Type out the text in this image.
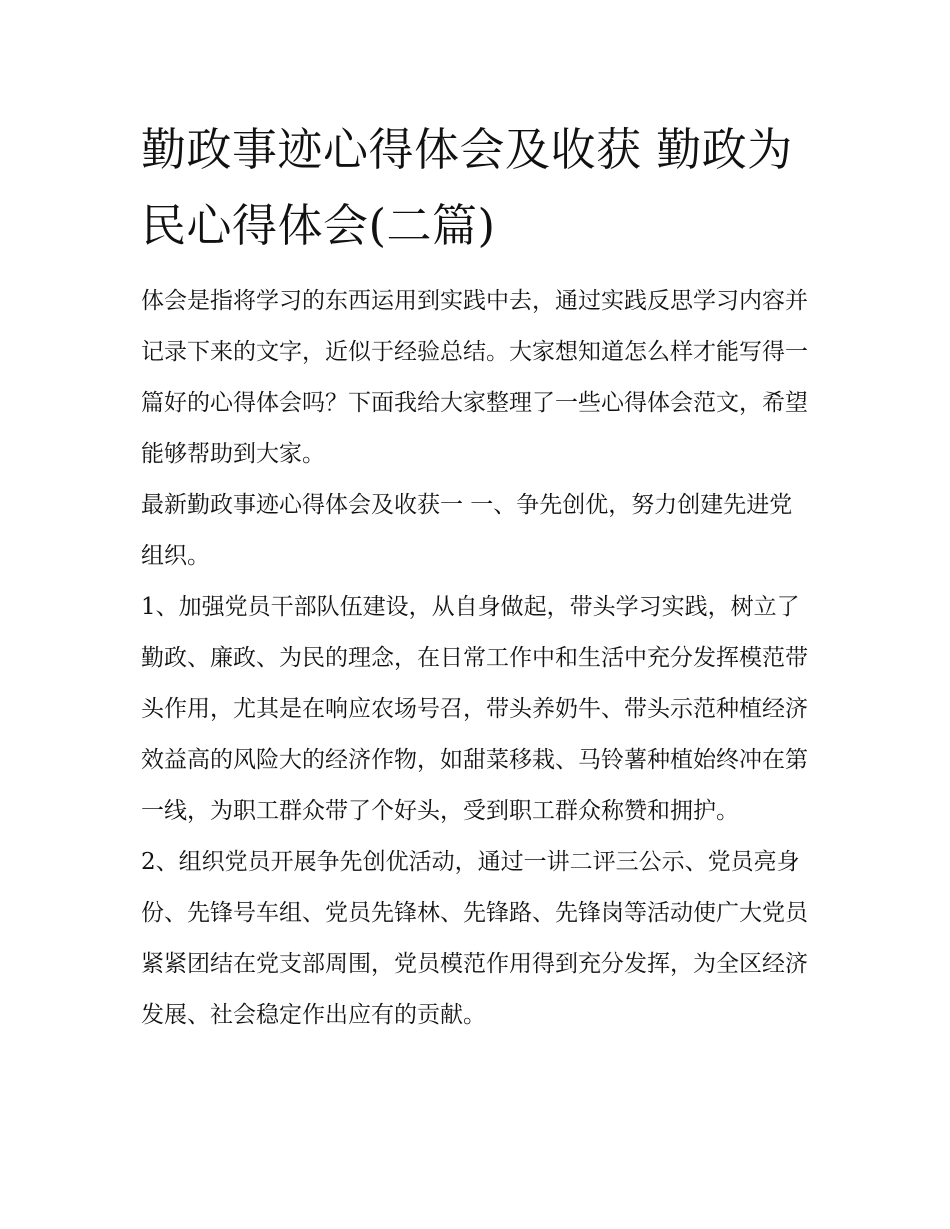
勤政事迹心得体会及收获 勤政为民心得体会(二篇)

体会是指将学习的东西运用到实践中去，通过实践反思学习内容并记录下来的文字，近似于经验总结。大家想知道怎么样才能写得一篇好的心得体会吗？下面我给大家整理了一些心得体会范文，希望能够帮助到大家。

最新勤政事迹心得体会及收获一 一、争先创优，努力创建先进党组织。

1、加强党员干部队伍建设，从自身做起，带头学习实践，树立了勤政、廉政、为民的理念，在日常工作中和生活中充分发挥模范带头作用，尤其是在响应农场号召，带头养奶牛、带头示范种植经济效益高的风险大的经济作物，如甜菜移栽、马铃薯种植始终冲在第一线，为职工群众带了个好头，受到职工群众称赞和拥护。

2、组织党员开展争先创优活动，通过一讲二评三公示、党员亮身份、先锋号车组、党员先锋林、先锋路、先锋岗等活动使广大党员紧紧团结在党支部周围，党员模范作用得到充分发挥，为全区经济发展、社会稳定作出应有的贡献。
